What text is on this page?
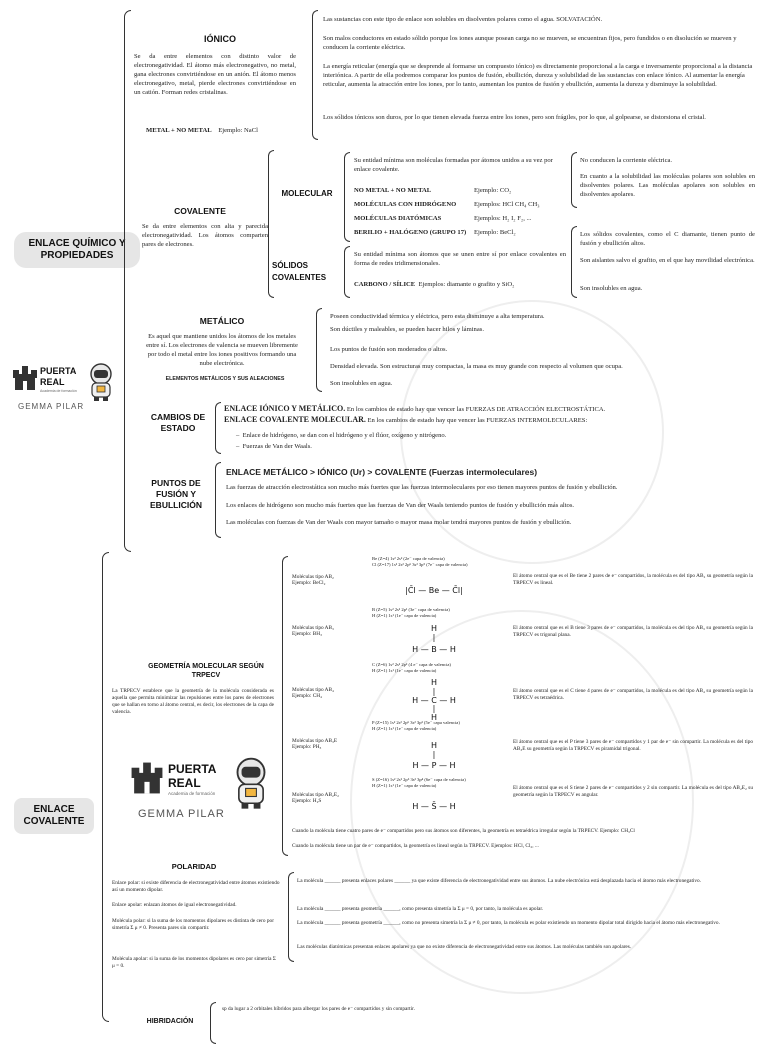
ENLACE QUÍMICO Y PROPIEDADES
IÓNICO
Se da entre elementos con distinto valor de electronegatividad. El átomo más electronegativo, no metal, gana electrones convirtiéndose en un anión. El átomo menos electronegativo, metal, pierde electrones convirtiéndose en un catión. Forman redes cristalinas.
METAL + NO METAL Ejemplo: NaCl
Las sustancias con este tipo de enlace son solubles en disolventes polares como el agua. SOLVATACIÓN.
Son malos conductores en estado sólido porque los iones aunque posean carga no se mueven, se encuentran fijos, pero fundidos o en disolución se mueven y conducen la corriente eléctrica.
La energía reticular (energía que se desprende al formarse un compuesto iónico) es directamente proporcional a la carga e inversamente proporcional a la distancia interiónica. A partir de ella podremos comparar los puntos de fusión, ebullición, dureza y solubilidad de las sustancias con enlace iónico. Al aumentar la energía reticular, aumenta la atracción entre los iones, por lo tanto, aumentan los puntos de fusión y ebullición, aumenta la dureza y disminuye la solubilidad.
Los sólidos iónicos son duros, por lo que tienen elevada fuerza entre los iones, pero son frágiles, por lo que, al golpearse, se distorsiona el cristal.
COVALENTE
Se da entre elementos con alta y parecida electronegatividad. Los átomos comparten pares de electrones.
MOLECULAR
Su entidad mínima son moléculas formadas por átomos unidos a su vez por enlace covalente.
NO METAL + NO METAL	Ejemplo: CO₂
MOLÉCULAS CON HIDRÓGENO	Ejemplos: HCl CH₄ CH₃
MOLÉCULAS DIATÓMICAS	Ejemplos: H₂ I₂ F₂, ...
BERILIO + HALÓGENO (GRUPO 17) Ejemplo: BeCl₂
No conducen la corriente eléctrica.
En cuanto a la solubilidad las moléculas polares son solubles en disolventes polares. Las moléculas apolares son solubles en disolventes apolares.
SÓLIDOS COVALENTES
Su entidad mínima son átomos que se unen entre sí por enlace covalentes en forma de redes tridimensionales.
CARBONO / SÍLICE Ejemplos: diamante o grafito y SiO₂
Los sólidos covalentes, como el C diamante, tienen punto de fusión y ebullición altos.
Son aislantes salvo el grafito, en el que hay movilidad electrónica.
Son insolubles en agua.
METÁLICO
Es aquel que mantiene unidos los átomos de los metales entre sí. Los electrones de valencia se mueven libremente por todo el metal entre los iones positivos formando una nube electrónica.
ELEMENTOS METÁLICOS Y SUS ALEACIONES
Poseen conductividad térmica y eléctrica, pero esta disminuye a alta temperatura.
Son dúctiles y maleables, se pueden hacer hilos y láminas.
Los puntos de fusión son moderados o altos.
Densidad elevada. Son estructuras muy compactas, la masa es muy grande con respecto al volumen que ocupa.
Son insolubles en agua.
CAMBIOS DE ESTADO
ENLACE IÓNICO Y METÁLICO. En los cambios de estado hay que vencer las FUERZAS DE ATRACCIÓN ELECTROSTÁTICA.
ENLACE COVALENTE MOLECULAR. En los cambios de estado hay que vencer las FUERZAS INTERMOLECULARES:
–  Enlace de hidrógeno, se dan con el hidrógeno y el flúor, oxígeno y nitrógeno.
–  Fuerzas de Van der Waals.
PUNTOS DE FUSIÓN Y EBULLICIÓN
ENLACE METÁLICO > IÓNICO (Ur) > COVALENTE (Fuerzas intermoleculares)
Las fuerzas de atracción electrostática son mucho más fuertes que las fuerzas intermoleculares por eso tienen mayores puntos de fusión y ebullición.
Los enlaces de hidrógeno son mucho más fuertes que las fuerzas de Van der Waals teniendo puntos de fusión y ebullición más altos.
Las moléculas con fuerzas de Van der Waals con mayor tamaño o mayor masa molar tendrá mayores puntos de fusión y ebullición.
PUERTA
REAL
Academia de formación
GEMMA PILAR
ENLACE COVALENTE
GEOMETRÍA MOLECULAR SEGÚN TRPECV
La TRPECV establece que la geometría de la molécula considerada es aquella que permita minimizar las repulsiones entre los pares de electrones que se hallan en torno al átomo central, es decir, los electrones de la capa de valencia.
PUERTA
REAL
Academia de formación
GEMMA PILAR
Moléculas tipo AB₂
Ejemplo: BeCl₂
Be (Z=4) 1s² 2s² (2e⁻ capa de valencia)
Cl (Z=17) 1s² 2s² 2p⁶ 3s² 3p⁵ (7e⁻ capa de valencia)
|C̄l — Be — C̄l|
El átomo central que es el Be tiene 2 pares de e⁻ compartidos, la molécula es del tipo AB₂ su geometría según la TRPECV es lineal.
Moléculas tipo AB₃
Ejemplo: BH₃
B (Z=5) 1s² 2s² 2p¹ (3e⁻ capa de valencia)
H (Z=1) 1s¹ (1e⁻ capa de valencia)
H
|
H — B — H
El átomo central que es el B tiene 3 pares de e⁻ compartidos, la molécula es del tipo AB₃ su geometría según la TRPECV es trigonal plana.
Moléculas tipo AB₄
Ejemplo: CH₄
C (Z=6) 1s² 2s² 2p² (4 e⁻ capa de valencia)
H (Z=1) 1s¹ (1e⁻ capa de valencia)
H
|
H — C — H
|
H
El átomo central que es el C tiene 4 pares de e⁻ compartidos, la molécula es del tipo AB₄ su geometría según la TRPECV es tetraédrica.
Moléculas tipo AB₃E
Ejemplo: PH₃
P (Z=15) 1s² 2s² 2p⁶ 3s² 3p³ (5e⁻ capa valencia)
H (Z=1) 1s¹ (1e⁻ capa de valencia)
H
|
H — P — H
El átomo central que es el P tiene 3 pares de e⁻ compartidos y 1 par de e⁻ sin compartir. La molécula es del tipo AB₃E su geometría según la TRPECV es piramidal trigonal.
Moléculas tipo AB₂E₂
Ejemplo: H₂S
S (Z=16) 1s² 2s² 2p⁶ 3s² 3p⁴ (6e⁻ capa de valencia)
H (Z=1) 1s¹ (1e⁻ capa de valencia)
H — S̄ — H
El átomo central que es el S tiene 2 pares de e⁻ compartidos y 2 sin compartir. La molécula es del tipo AB₂E₂ su geometría según la TRPECV es angular.
Cuando la molécula tiene cuatro pares de e⁻ compartidos pero sus átomos son diferentes, la geometría es tetraédrica irregular según la TRPECV. Ejemplo: CH₃Cl
Cuando la molécula tiene un par de e⁻ compartidos, la geometría es lineal según la TRPECV. Ejemplos: HCl, Cl₂, ...
POLARIDAD
Enlace polar: si existe diferencia de electronegatividad entre átomos existiendo así un momento dipolar.
Enlace apolar: enlazan átomos de igual electronegatividad.
Molécula polar: si la suma de los momentos dipolares es distinta de cero por simetría Σ μ ≠ 0. Presenta pares sin compartir.
Molécula apolar: si la suma de los momentos dipolares es cero por simetría Σ μ = 0.
La molécula ______ presenta enlaces polares ______ ya que existe diferencia de electronegatividad entre sus átomos. La nube electrónica está desplazada hacia el átomo más electronegativo.
La molécula ______ presenta geometría ______, como presenta simetría la Σ μ = 0, por tanto, la molécula es apolar.
La molécula ______ presenta geometría ______, como no presenta simetría la Σ μ ≠ 0, por tanto, la molécula es polar existiendo un momento dipolar total dirigido hacia el átomo más electronegativo.
Las moléculas diatómicas presentan enlaces apolares ya que no existe diferencia de electronegatividad entre sus átomos. Las moléculas también son apolares.
HIBRIDACIÓN
sp da lugar a 2 orbitales híbridos para albergar los pares de e⁻ compartidos y sin compartir.
